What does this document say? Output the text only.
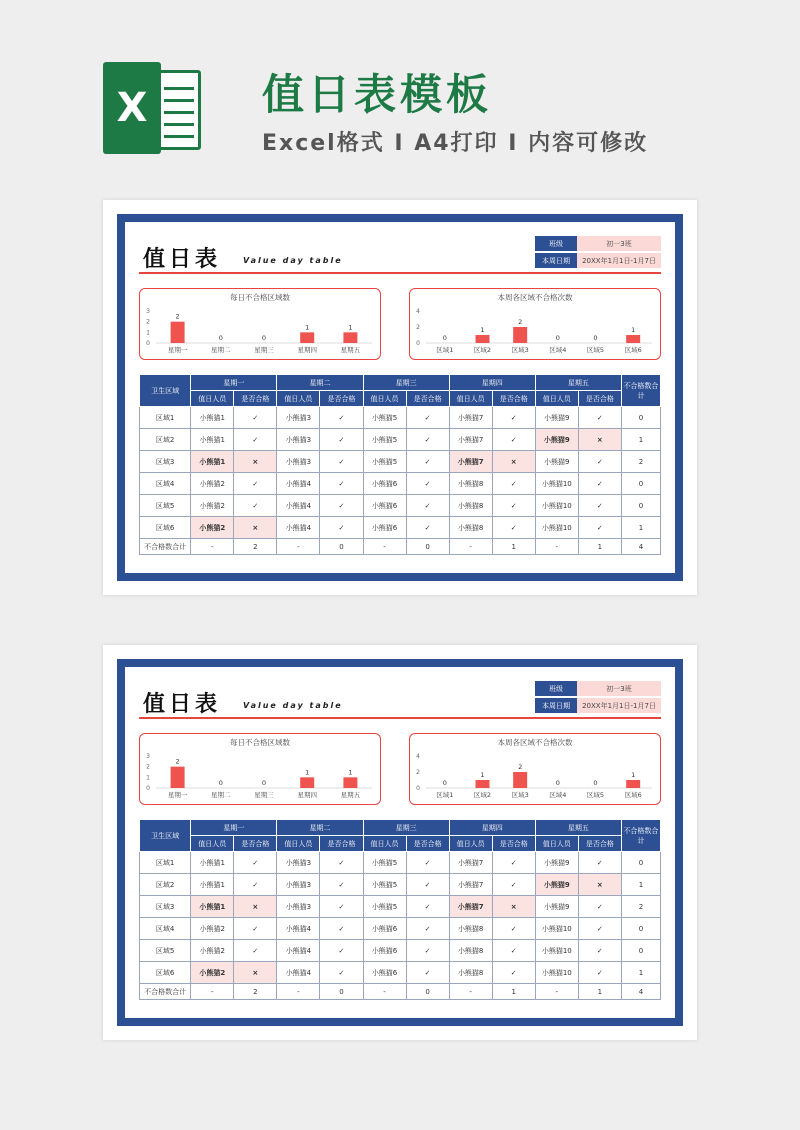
X	值日表模板
Excel格式 I A4打印 I 内容可修改
值日表	Value day table
班级	初一3班
本周日期	20XX年1月1日-1月7日
每日不合格区域数
0
1
2
3
2
星期一
0
星期二
0
星期三
1
星期四
1
星期五
本周各区域不合格次数
0
2
4
0
区域1
1
区域2
2
区域3
0
区域4
0
区域5
1
区域6
卫生区域	星期一		星期二		星期三		星期四		星期五		不合格数合计
	值日人员	是否合格	值日人员	是否合格	值日人员	是否合格	值日人员	是否合格	值日人员	是否合格	
区域1	小熊猫1	✓	小熊猫3	✓	小熊猫5	✓	小熊猫7	✓	小熊猫9	✓	0
区域2	小熊猫1	✓	小熊猫3	✓	小熊猫5	✓	小熊猫7	✓	小熊猫9	×	1
区域3	小熊猫1	×	小熊猫3	✓	小熊猫5	✓	小熊猫7	×	小熊猫9	✓	2
区域4	小熊猫2	✓	小熊猫4	✓	小熊猫6	✓	小熊猫8	✓	小熊猫10	✓	0
区域5	小熊猫2	✓	小熊猫4	✓	小熊猫6	✓	小熊猫8	✓	小熊猫10	✓	0
区域6	小熊猫2	×	小熊猫4	✓	小熊猫6	✓	小熊猫8	✓	小熊猫10	✓	1
不合格数合计	-	2	-	0	-	0	-	1	-	1	4
值日表	Value day table
班级	初一3班
本周日期	20XX年1月1日-1月7日
每日不合格区域数
0
1
2
3
2
星期一
0
星期二
0
星期三
1
星期四
1
星期五
本周各区域不合格次数
0
2
4
0
区域1
1
区域2
2
区域3
0
区域4
0
区域5
1
区域6
卫生区域	星期一		星期二		星期三		星期四		星期五		不合格数合计
	值日人员	是否合格	值日人员	是否合格	值日人员	是否合格	值日人员	是否合格	值日人员	是否合格	
区域1	小熊猫1	✓	小熊猫3	✓	小熊猫5	✓	小熊猫7	✓	小熊猫9	✓	0
区域2	小熊猫1	✓	小熊猫3	✓	小熊猫5	✓	小熊猫7	✓	小熊猫9	×	1
区域3	小熊猫1	×	小熊猫3	✓	小熊猫5	✓	小熊猫7	×	小熊猫9	✓	2
区域4	小熊猫2	✓	小熊猫4	✓	小熊猫6	✓	小熊猫8	✓	小熊猫10	✓	0
区域5	小熊猫2	✓	小熊猫4	✓	小熊猫6	✓	小熊猫8	✓	小熊猫10	✓	0
区域6	小熊猫2	×	小熊猫4	✓	小熊猫6	✓	小熊猫8	✓	小熊猫10	✓	1
不合格数合计	-	2	-	0	-	0	-	1	-	1	4
